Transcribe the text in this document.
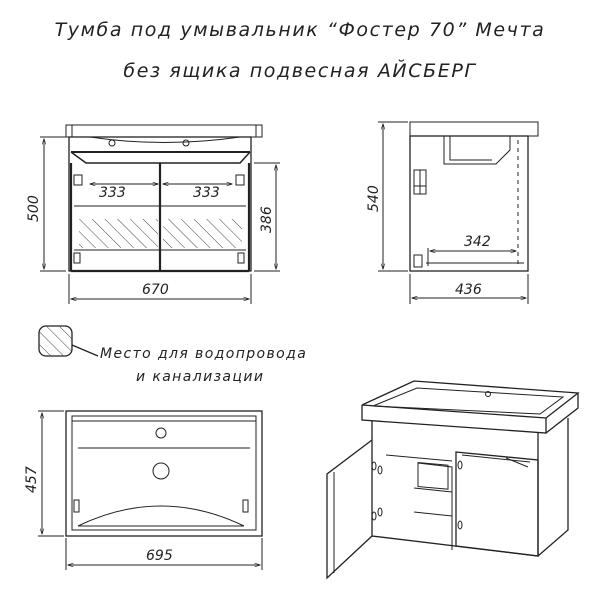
Тумба под умывальник “Фостер 70” Мечта
без ящика подвесная АЙСБЕРГ
333	333
670
500	386
342
436
540
695
457
Место для водопровода
и канализации
